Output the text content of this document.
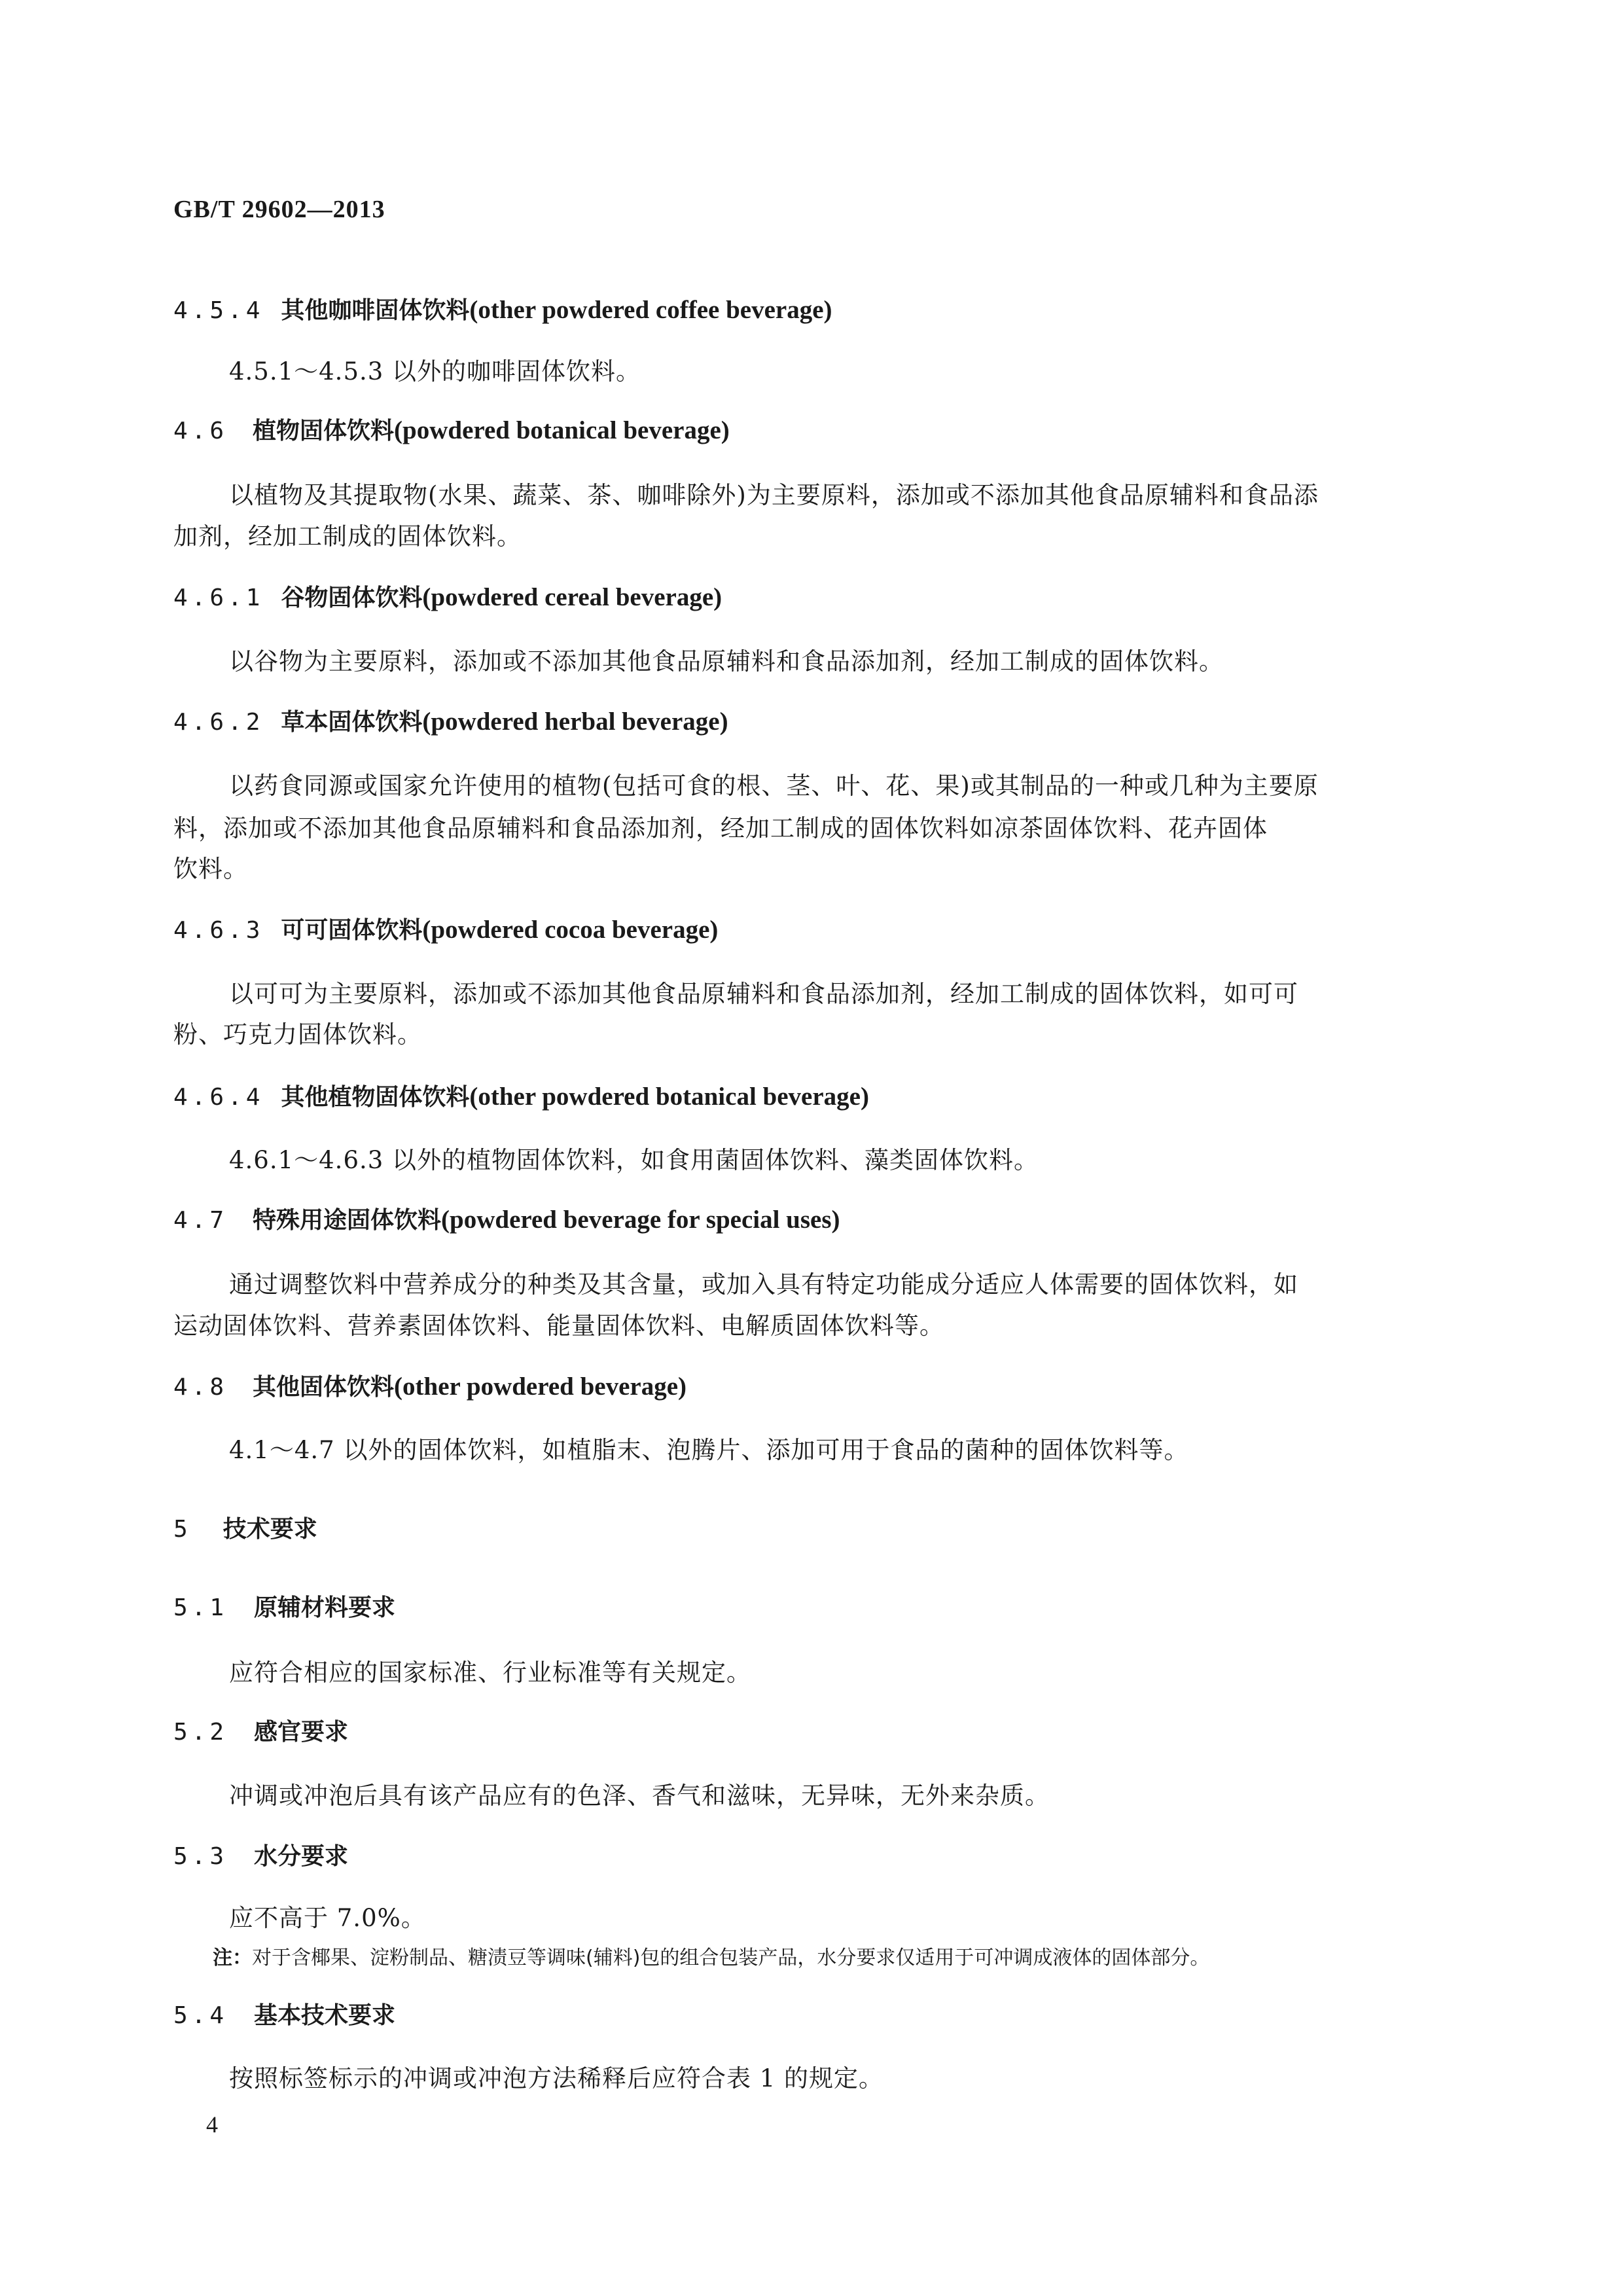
GB/T 29602—2013
4.5.4 其他咖啡固体饮料(other powdered coffee beverage)
4.5.1～4.5.3 以外的咖啡固体饮料。
4.6 植物固体饮料(powdered botanical beverage)
以植物及其提取物(水果、蔬菜、茶、咖啡除外)为主要原料，添加或不添加其他食品原辅料和食品添
加剂，经加工制成的固体饮料。
4.6.1 谷物固体饮料(powdered cereal beverage)
以谷物为主要原料，添加或不添加其他食品原辅料和食品添加剂，经加工制成的固体饮料。
4.6.2 草本固体饮料(powdered herbal beverage)
以药食同源或国家允许使用的植物(包括可食的根、茎、叶、花、果)或其制品的一种或几种为主要原
料，添加或不添加其他食品原辅料和食品添加剂，经加工制成的固体饮料如凉茶固体饮料、花卉固体
饮料。
4.6.3 可可固体饮料(powdered cocoa beverage)
以可可为主要原料，添加或不添加其他食品原辅料和食品添加剂，经加工制成的固体饮料，如可可
粉、巧克力固体饮料。
4.6.4 其他植物固体饮料(other powdered botanical beverage)
4.6.1～4.6.3 以外的植物固体饮料，如食用菌固体饮料、藻类固体饮料。
4.7 特殊用途固体饮料(powdered beverage for special uses)
通过调整饮料中营养成分的种类及其含量，或加入具有特定功能成分适应人体需要的固体饮料，如
运动固体饮料、营养素固体饮料、能量固体饮料、电解质固体饮料等。
4.8 其他固体饮料(other powdered beverage)
4.1～4.7 以外的固体饮料，如植脂末、泡腾片、添加可用于食品的菌种的固体饮料等。
5 技术要求
5.1 原辅材料要求
应符合相应的国家标准、行业标准等有关规定。
5.2 感官要求
冲调或冲泡后具有该产品应有的色泽、香气和滋味，无异味，无外来杂质。
5.3 水分要求
应不高于 7.0%。
注：对于含椰果、淀粉制品、糖渍豆等调味(辅料)包的组合包装产品，水分要求仅适用于可冲调成液体的固体部分。
5.4 基本技术要求
按照标签标示的冲调或冲泡方法稀释后应符合表 1 的规定。
4
